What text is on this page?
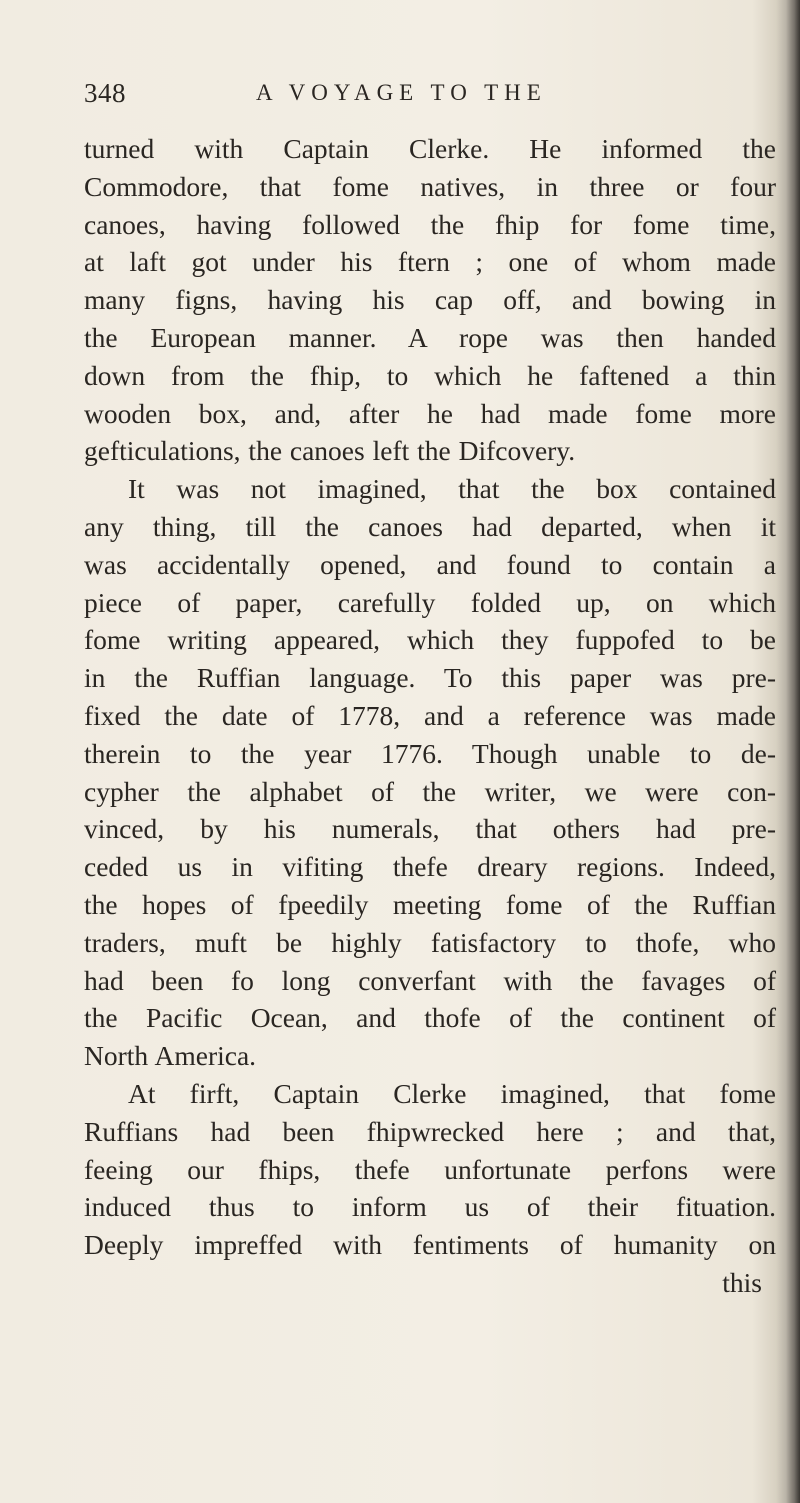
348	A VOYAGE TO THE
turned with Captain Clerke. He informed the
Commodore, that fome natives, in three or four
canoes, having followed the fhip for fome time,
at laft got under his ftern ; one of whom made
many figns, having his cap off, and bowing in
the European manner. A rope was then handed
down from the fhip, to which he faftened a thin
wooden box, and, after he had made fome more
gefticulations, the canoes left the Difcovery.
It was not imagined, that the box contained
any thing, till the canoes had departed, when it
was accidentally opened, and found to contain a
piece of paper, carefully folded up, on which
fome writing appeared, which they fuppofed to be
in the Ruffian language. To this paper was pre-
fixed the date of 1778, and a reference was made
therein to the year 1776. Though unable to de-
cypher the alphabet of the writer, we were con-
vinced, by his numerals, that others had pre-
ceded us in vifiting thefe dreary regions. Indeed,
the hopes of fpeedily meeting fome of the Ruffian
traders, muft be highly fatisfactory to thofe, who
had been fo long converfant with the favages of
the Pacific Ocean, and thofe of the continent of
North America.
At firft, Captain Clerke imagined, that fome
Ruffians had been fhipwrecked here ; and that,
feeing our fhips, thefe unfortunate perfons were
induced thus to inform us of their fituation.
Deeply impreffed with fentiments of humanity on
this
